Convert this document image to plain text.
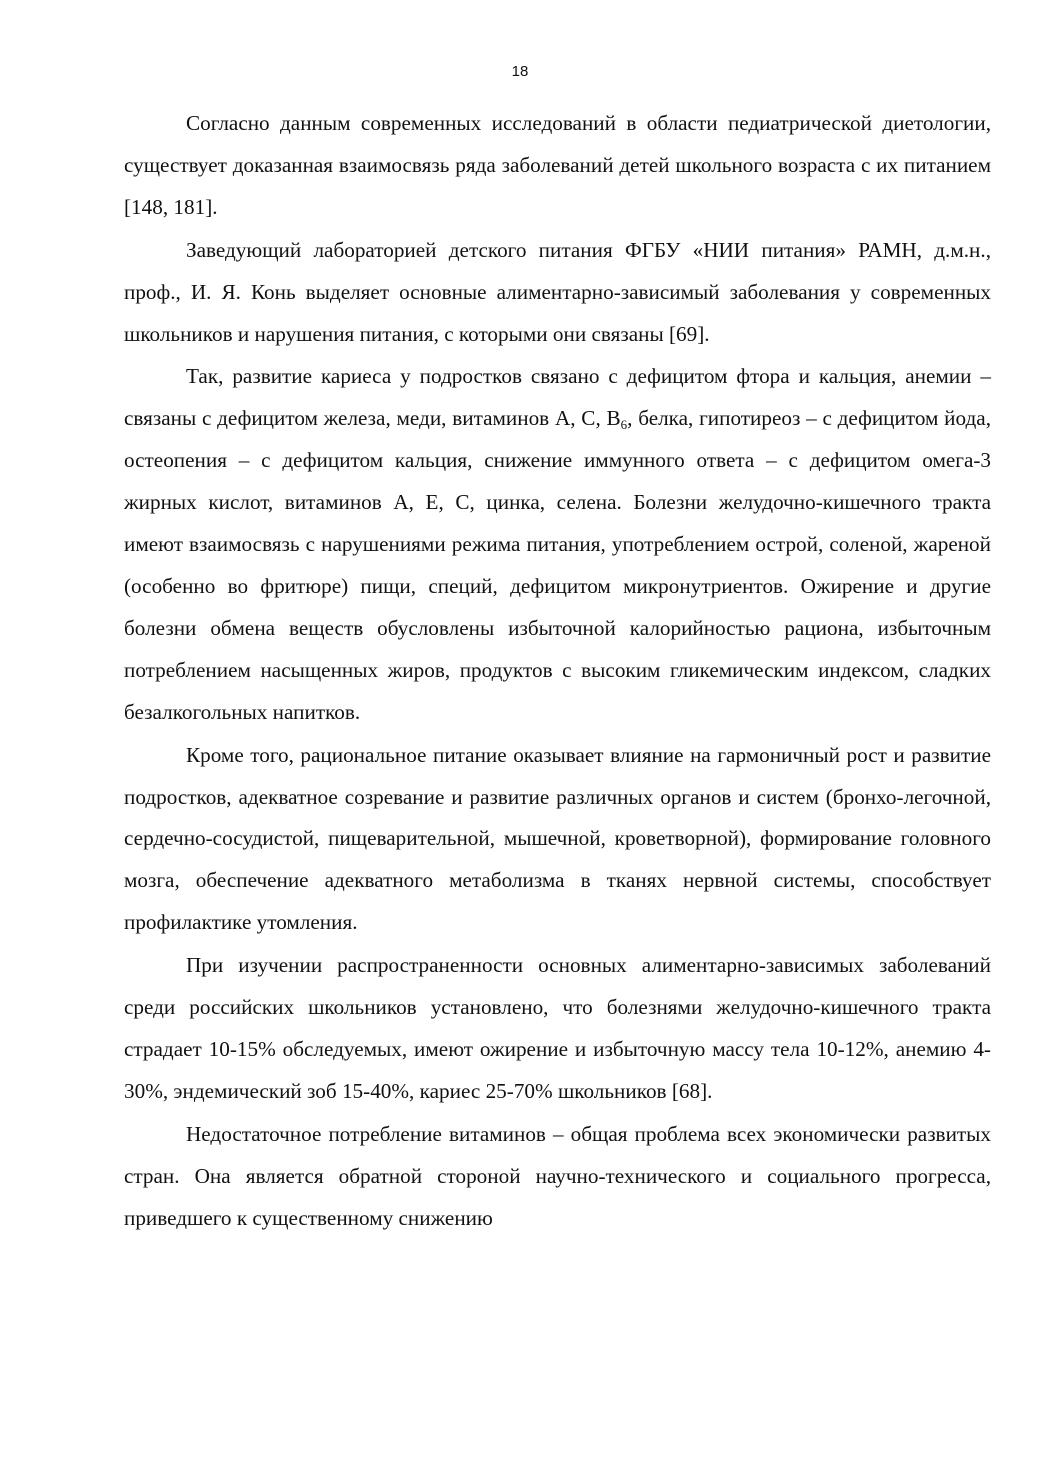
18

Согласно данным современных исследований в области педиатрической диетологии, существует доказанная взаимосвязь ряда заболеваний детей школьного возраста с их питанием [148, 181].

Заведующий лабораторией детского питания ФГБУ «НИИ питания» РАМН, д.м.н., проф., И. Я. Конь выделяет основные алиментарно-зависимый заболевания у современных школьников и нарушения питания, с которыми они связаны [69].

Так, развитие кариеса у подростков связано с дефицитом фтора и кальция, анемии – связаны с дефицитом железа, меди, витаминов А, С, $В_6$, белка, гипотиреоз – с дефицитом йода, остеопения – с дефицитом кальция, снижение иммунного ответа – с дефицитом омега-3 жирных кислот, витаминов А, Е, С, цинка, селена. Болезни желудочно-кишечного тракта имеют взаимосвязь с нарушениями режима питания, употреблением острой, соленой, жареной (особенно во фритюре) пищи, специй, дефицитом микронутриентов. Ожирение и другие болезни обмена веществ обусловлены избыточной калорийностью рациона, избыточным потреблением насыщенных жиров, продуктов с высоким гликемическим индексом, сладких безалкогольных напитков.

Кроме того, рациональное питание оказывает влияние на гармоничный рост и развитие подростков, адекватное созревание и развитие различных органов и систем (бронхо-легочной, сердечно-сосудистой, пищеварительной, мышечной, кроветворной), формирование головного мозга, обеспечение адекватного метаболизма в тканях нервной системы, способствует профилактике утомления.

При изучении распространенности основных алиментарно-зависимых заболеваний среди российских школьников установлено, что болезнями желудочно-кишечного тракта страдает 10-15% обследуемых, имеют ожирение и избыточную массу тела 10-12%, анемию 4-30%, эндемический зоб 15-40%, кариес 25-70% школьников [68].

Недостаточное потребление витаминов – общая проблема всех экономически развитых стран. Она является обратной стороной научно-технического и социального прогресса, приведшего к существенному снижению
